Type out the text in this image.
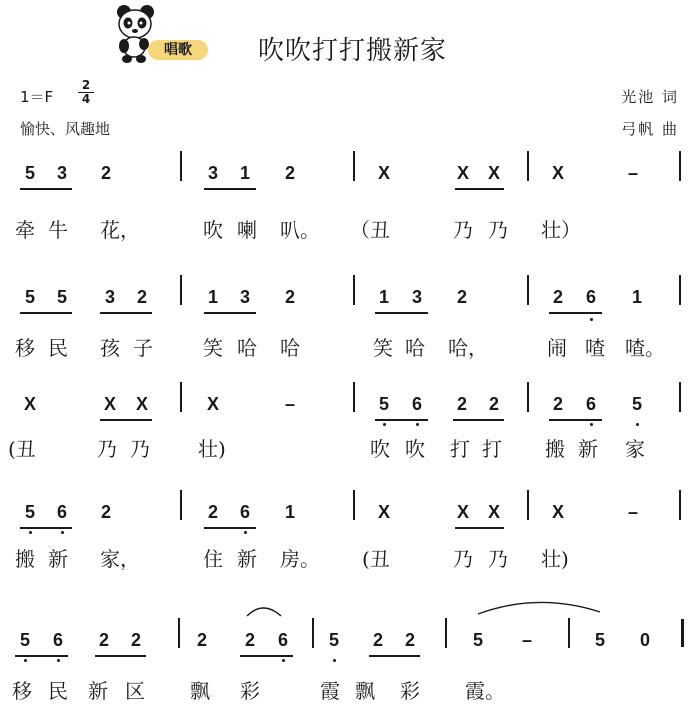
唱歌	吹吹打打搬新家
1＝F
2
4
愉快、风趣地
光池 词
弓帆 曲
5	3	2	3	1	2	X	X X	X	–
牵 牛 花，	吹 喇 叭。 （丑	乃 乃 壮）
5	5	3	2	1	3	2	1	3	2	2	6	1
移 民 孩 子	笑 哈 哈	笑 哈 哈，	闹 喳 喳。
X	X X	X	–	5	6	2	2	2	6	5
(丑	乃 乃 壮)	吹 吹 打 打 搬 新 家
5	6	2	2	6	1	X	X X	X	–
搬 新 家，	住 新 房。 (丑	乃 乃 壮)
5	6	2	2	2	2	6	5	2	2	5	–	5	0
移 民 新 区 飘 彩	霞 飘 彩 霞。
